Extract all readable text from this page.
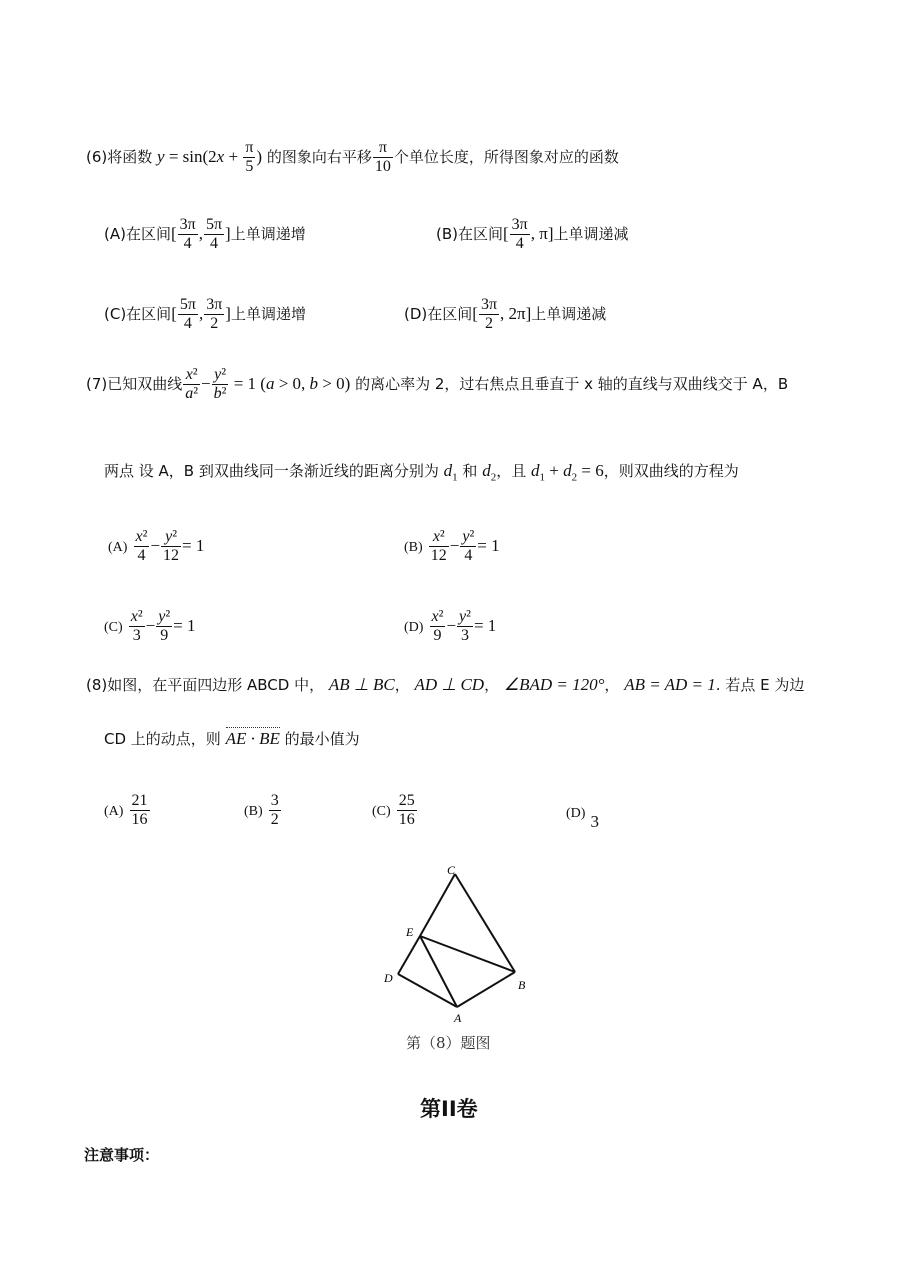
(6)将函数 $y = \sin(2x + \frac{\pi}{5}$ ) 的图象向右平移 $\frac{\pi}{10}$ 个单位长度，所得图象对应的函数
(A)在区间[ $\frac{3\pi}{4}$ , $\frac{5\pi}{4}$ ]上单调递增	(B)在区间[ $\frac{3\pi}{4}$ , π]上单调递减
(C)在区间[ $\frac{5\pi}{4}$ , $\frac{3\pi}{2}$ ]上单调递增	(D)在区间[ $\frac{3\pi}{2}$ , 2π]上单调递减
(7)已知双曲线 $\frac{\text{x²}}{\text{a²}} - \frac{\text{y²}}{\text{b²}} = 1$ (a > 0, b > 0) 的离心率为 2，过右焦点且垂直于 x 轴的直线与双曲线交于 A，B
两点 设 A，B 到双曲线同一条渐近线的距离分别为 $d_1$ 和 $d_2$，且 $d_1 + d_2 = 6$，则双曲线的方程为
$(A) \frac{\text{x²}}{4} - \frac{\text{y²}}{12} = 1$	$(B) \frac{\text{x²}}{12} - \frac{\text{y²}}{4} = 1$
$(C) \frac{\text{x²}}{3} - \frac{\text{y²}}{9} = 1$	$(D) \frac{\text{x²}}{9} - \frac{\text{y²}}{3} = 1$
(8)如图，在平面四边形 ABCD 中， AB ⊥ BC， AD ⊥ CD， ∠BAD = 120°， AB = AD = 1. 若点 E 为边
CD 上的动点，则 AE · BE 的最小值为
$(A) \frac{21}{16}$	$(B) \frac{3}{2}$	$(C) \frac{25}{16}$	(D) 3
C
E
D
A
B
第（8）题图
第II卷
注意事项：
